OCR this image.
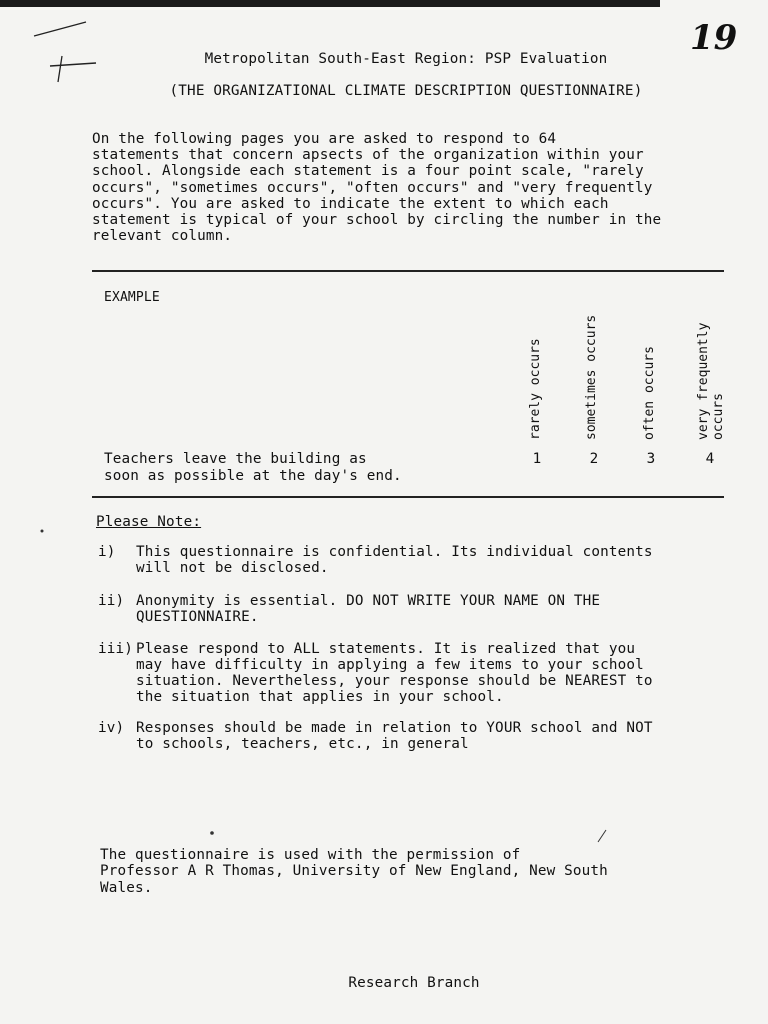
19
Metropolitan South-East Region: PSP Evaluation
(THE ORGANIZATIONAL CLIMATE DESCRIPTION QUESTIONNAIRE)
On the following pages you are asked to respond to 64
statements that concern apsects of the organization within your
school. Alongside each statement is a four point scale, "rarely
occurs", "sometimes occurs", "often occurs" and "very frequently
occurs". You are asked to indicate the extent to which each
statement is typical of your school by circling the number in the
relevant column.
EXAMPLE
rarely occurs	sometimes occurs	often occurs	very frequently occurs
Teachers leave the building as
soon as possible at the day's end.
1	2	3	4
Please Note:
i) This questionnaire is confidential. Its individual contents
will not be disclosed.
ii) Anonymity is essential. DO NOT WRITE YOUR NAME ON THE
QUESTIONNAIRE.
iii) Please respond to ALL statements. It is realized that you
may have difficulty in applying a few items to your school
situation. Nevertheless, your response should be NEAREST to
the situation that applies in your school.
iv) Responses should be made in relation to YOUR school and NOT
to schools, teachers, etc., in general
The questionnaire is used with the permission of
Professor A R Thomas, University of New England, New South
Wales.
Research Branch
